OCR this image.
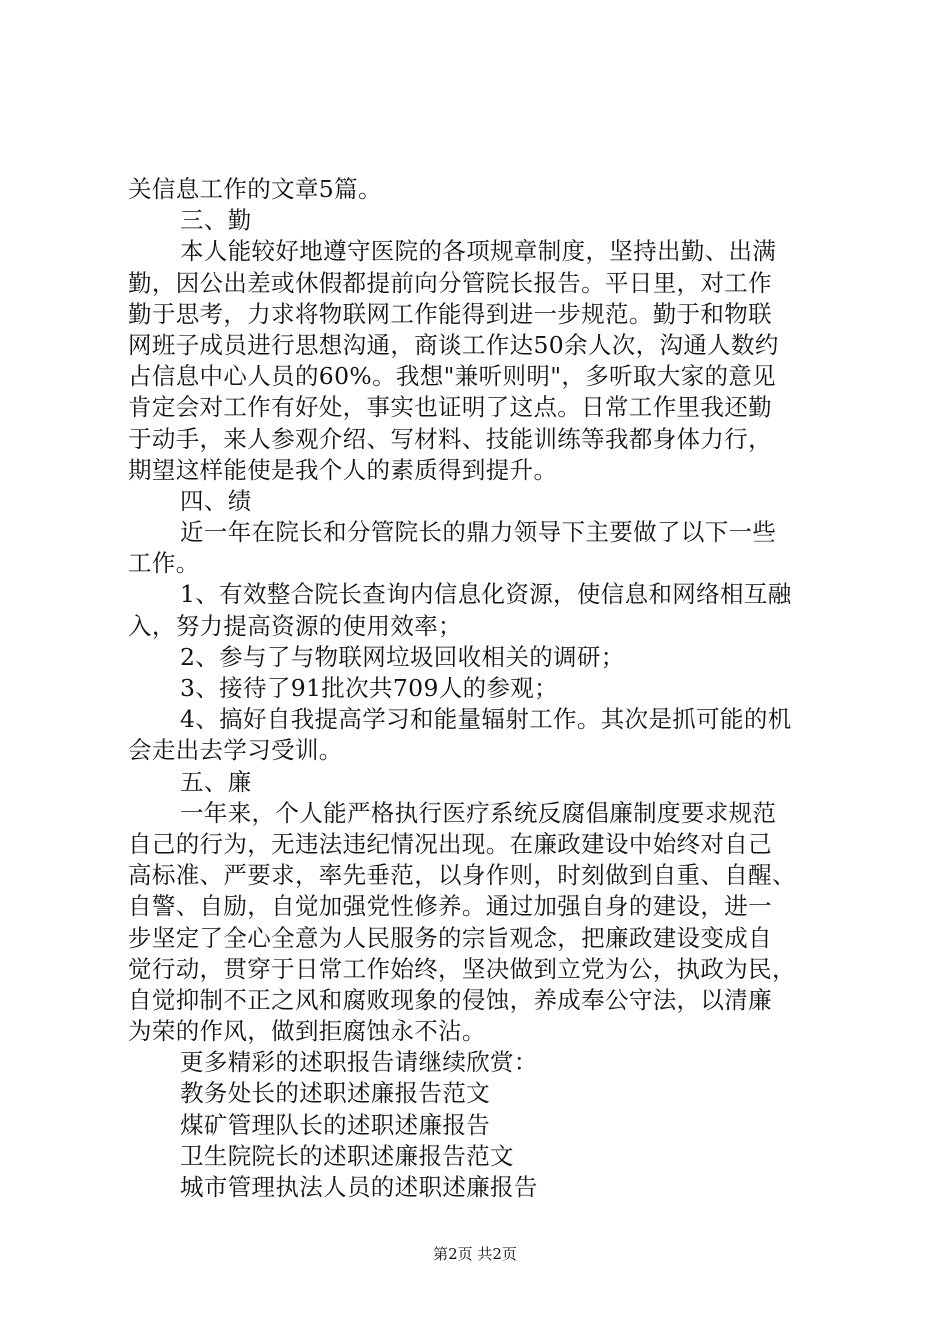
关信息工作的文章5篇。
三、勤
本人能较好地遵守医院的各项规章制度，坚持出勤、出满
勤，因公出差或休假都提前向分管院长报告。平日里，对工作
勤于思考，力求将物联网工作能得到进一步规范。勤于和物联
网班子成员进行思想沟通，商谈工作达50余人次，沟通人数约
占信息中心人员的60%。我想"兼听则明"，多听取大家的意见
肯定会对工作有好处，事实也证明了这点。日常工作里我还勤
于动手，来人参观介绍、写材料、技能训练等我都身体力行，
期望这样能使是我个人的素质得到提升。
四、绩
近一年在院长和分管院长的鼎力领导下主要做了以下一些
工作。
1、有效整合院长查询内信息化资源，使信息和网络相互融
入，努力提高资源的使用效率；
2、参与了与物联网垃圾回收相关的调研；
3、接待了91批次共709人的参观；
4、搞好自我提高学习和能量辐射工作。其次是抓可能的机
会走出去学习受训。
五、廉
一年来，个人能严格执行医疗系统反腐倡廉制度要求规范
自己的行为，无违法违纪情况出现。在廉政建设中始终对自己
高标准、严要求，率先垂范，以身作则，时刻做到自重、自醒、
自警、自励，自觉加强党性修养。通过加强自身的建设，进一
步坚定了全心全意为人民服务的宗旨观念，把廉政建设变成自
觉行动，贯穿于日常工作始终，坚决做到立党为公，执政为民，
自觉抑制不正之风和腐败现象的侵蚀，养成奉公守法，以清廉
为荣的作风，做到拒腐蚀永不沾。
更多精彩的述职报告请继续欣赏：
教务处长的述职述廉报告范文
煤矿管理队长的述职述廉报告
卫生院院长的述职述廉报告范文
城市管理执法人员的述职述廉报告
第2页 共2页
